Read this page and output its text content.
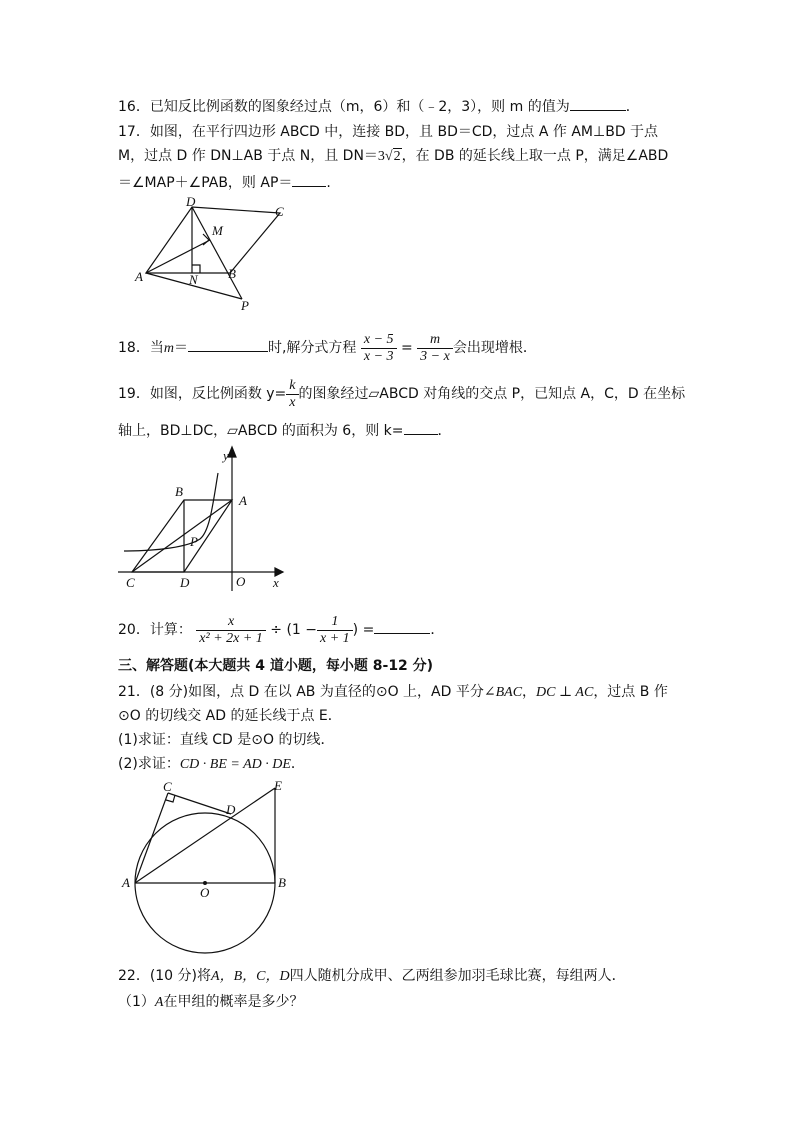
16．已知反比例函数的图象经过点（m，6）和（﹣2，3），则 m 的值为	．
17．如图，在平行四边形 ABCD 中，连接 BD，且 BD＝CD，过点 A 作 AM⊥BD 于点
M，过点 D 作 DN⊥AB 于点 N，且 DN＝3√2，在 DB 的延长线上取一点 P，满足∠ABD
＝∠MAP＋∠PAB，则 AP＝ .
D
C
M
A	N B
P
18．当m＝	时,解分式方程 $\frac{x - 5}{x - 3} = \frac{m}{3 - x}$ 会出现增根．
19．如图，反比例函数 $y= \frac{k}{x}$ 的图象经过▱ABCD 对角线的交点 P，已知点 A，C，D 在坐标
轴上，BD⊥DC，▱ABCD 的面积为 6，则 k= ．
y
B
A
P
C	D	O x
20．计算： $\frac{x}{\text{x² + 2x + 1}} \div (1 - \frac{1}{x + 1}$ ) =	．
三、解答题(本大题共 4 道小题，每小题 8-12 分)
21．(8 分)如图，点 D 在以 AB 为直径的⊙O 上，AD 平分∠BAC，DC ⊥ AC，过点 B 作
⊙O 的切线交 AD 的延长线于点 E．
(1)求证：直线 CD 是⊙O 的切线．
(2)求证：CD · BE = AD · DE．
C
D
E
A
O
B
22．(10 分)将A，B，C，D四人随机分成甲、乙两组参加羽毛球比赛，每组两人．
（1）A在甲组的概率是多少？
